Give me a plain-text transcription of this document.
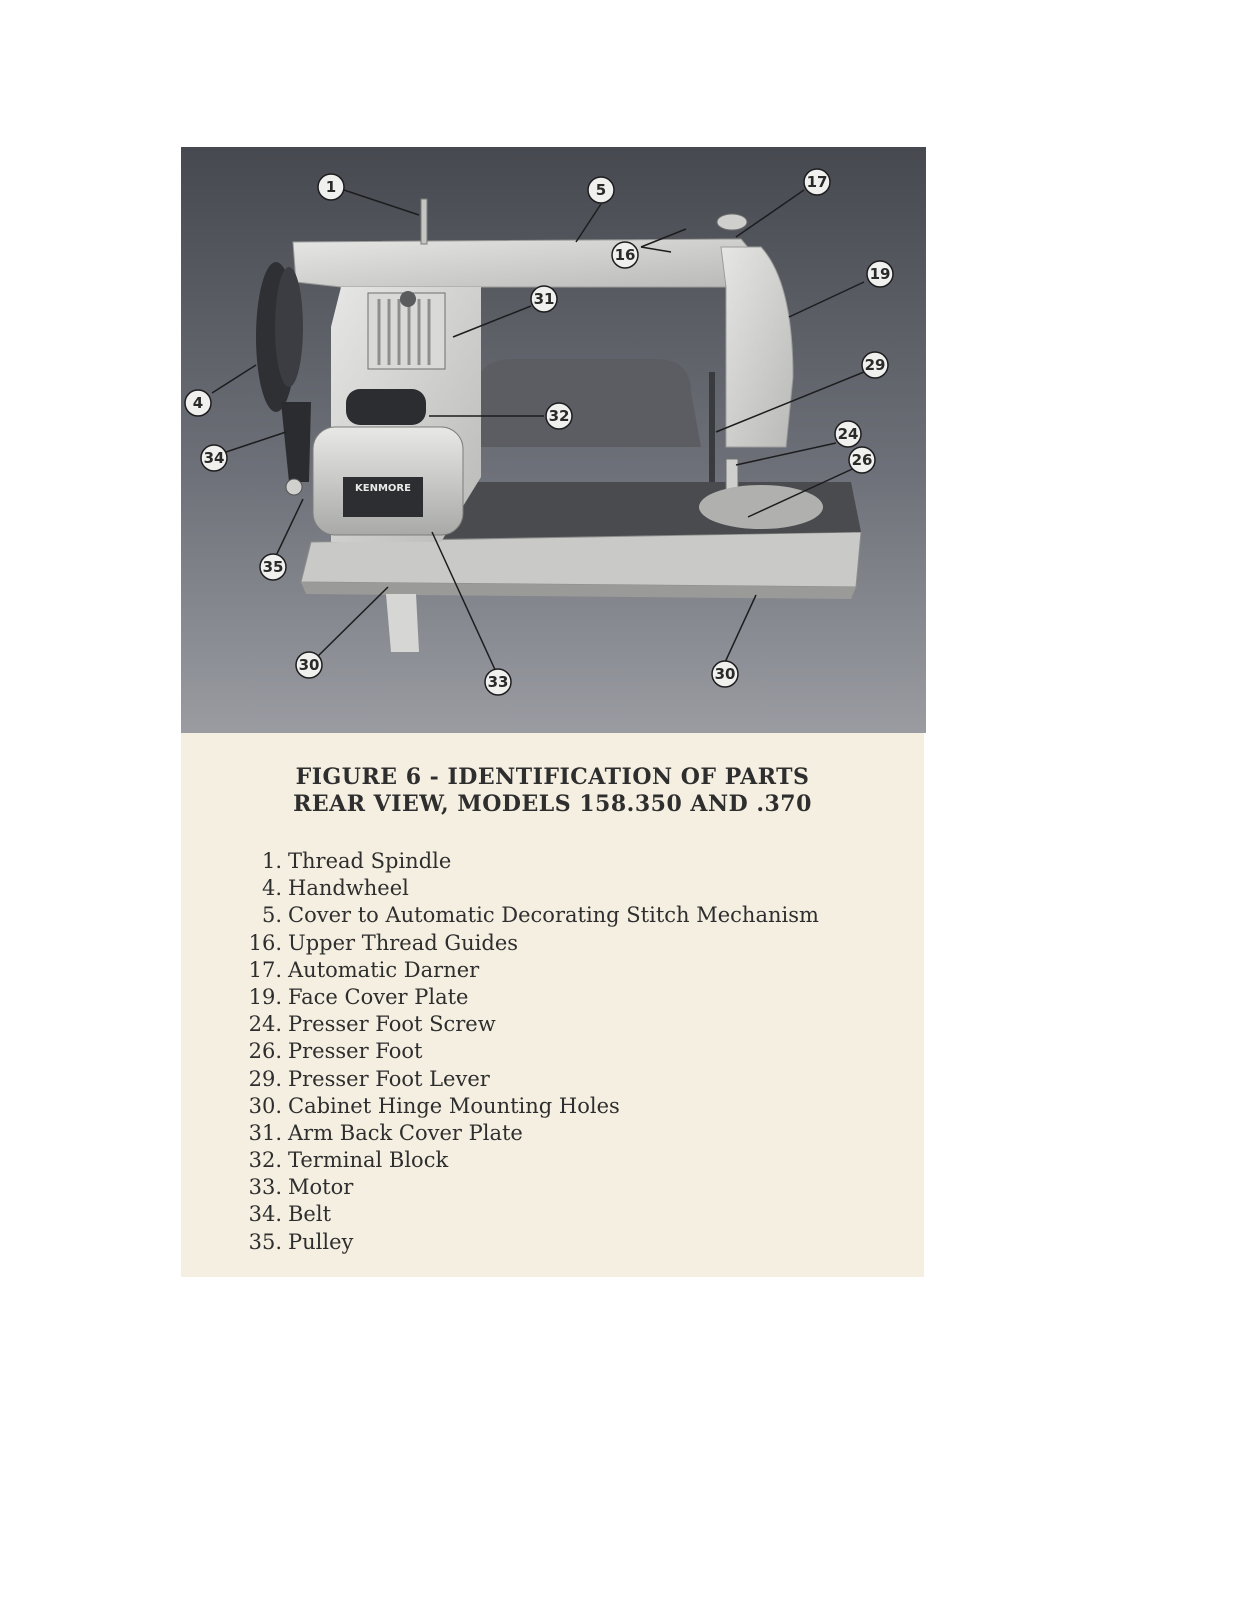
KENMORE
1	5	17
16
19
31
4
29
32
24
34	26
35
30
33	30
FIGURE 6 - IDENTIFICATION OF PARTS
REAR VIEW, MODELS 158.350 AND .370
1. Thread Spindle
4. Handwheel
5. Cover to Automatic Decorating Stitch Mechanism
16. Upper Thread Guides
17. Automatic Darner
19. Face Cover Plate
24. Presser Foot Screw
26. Presser Foot
29. Presser Foot Lever
30. Cabinet Hinge Mounting Holes
31. Arm Back Cover Plate
32. Terminal Block
33. Motor
34. Belt
35. Pulley
